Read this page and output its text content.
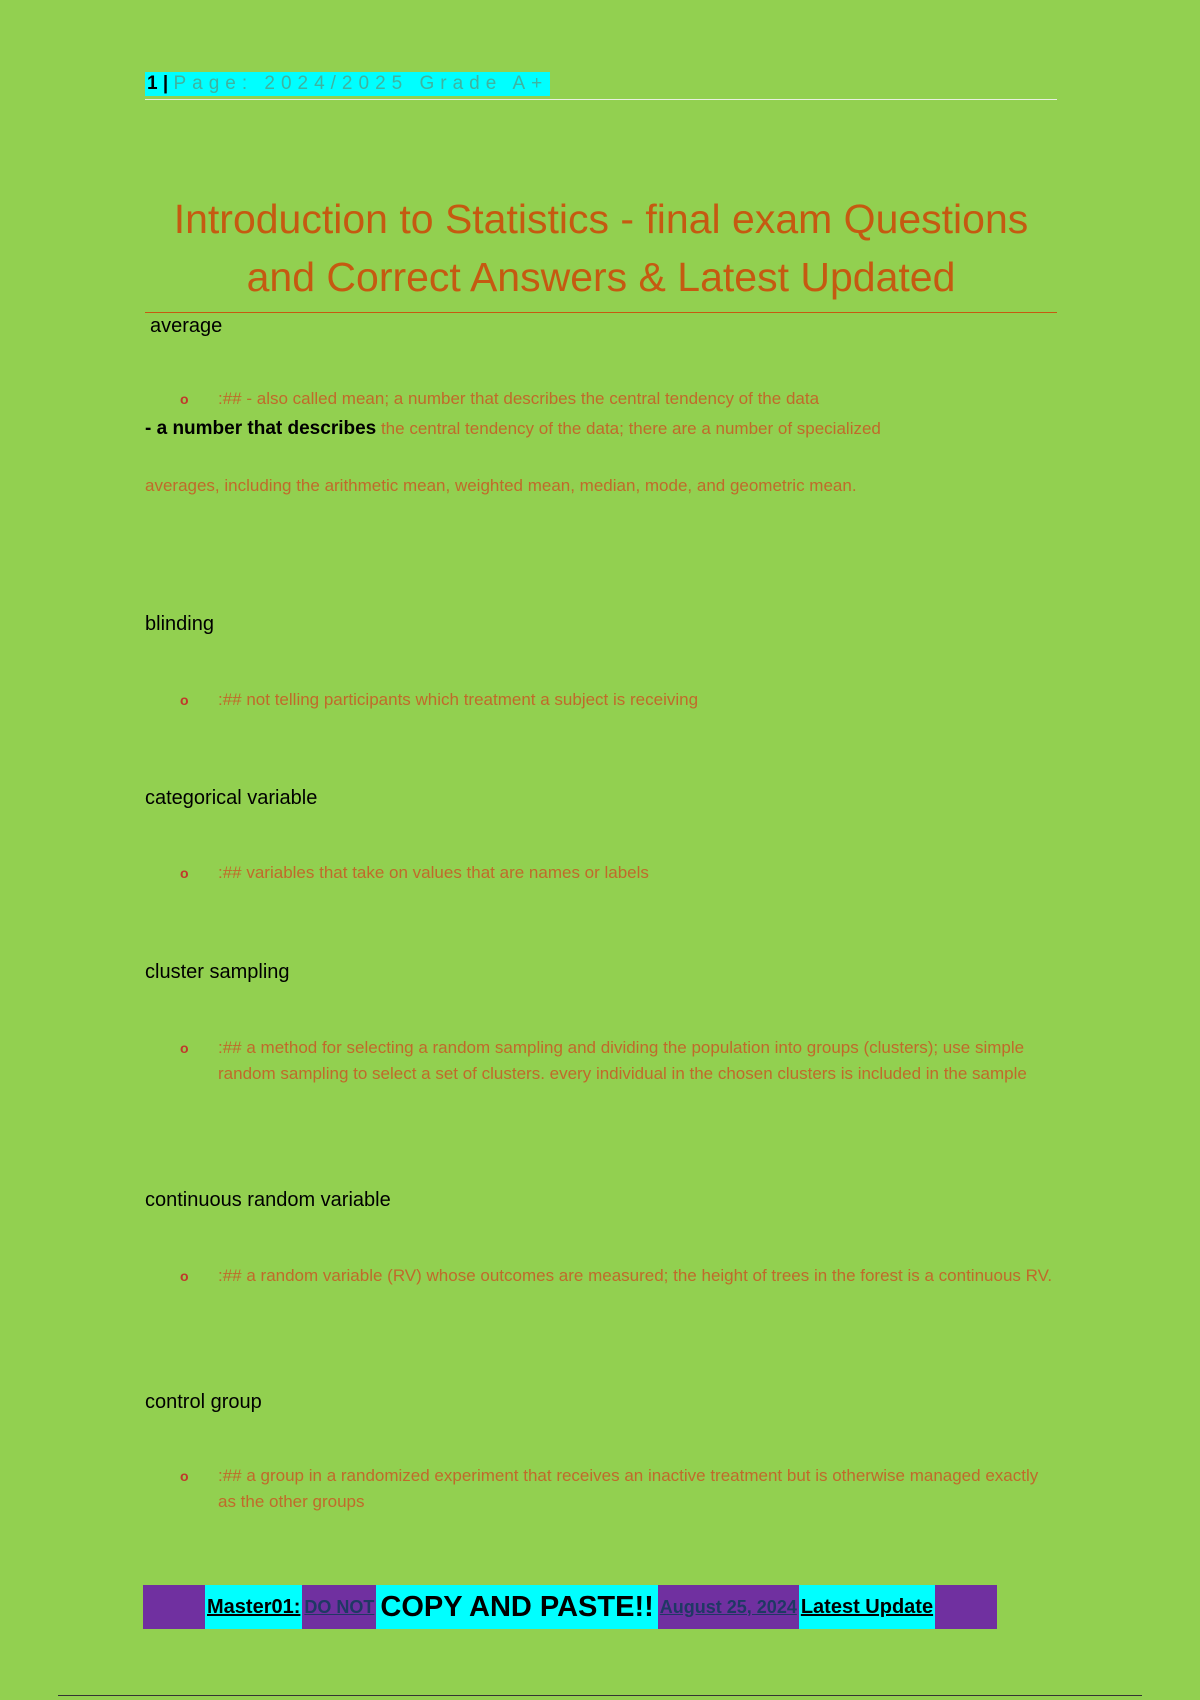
1 | Page: 2024/2025 Grade A+
Introduction to Statistics - final exam Questions
and Correct Answers & Latest Updated
average
o :## - also called mean; a number that describes the central tendency of the data
- a number that describes the central tendency of the data; there are a number of specialized
averages, including the arithmetic mean, weighted mean, median, mode, and geometric mean.
blinding
o :## not telling participants which treatment a subject is receiving
categorical variable
o :## variables that take on values that are names or labels
cluster sampling
o :## a method for selecting a random sampling and dividing the population into groups (clusters); use simple random sampling to select a set of clusters. every individual in the chosen clusters is included in the sample
continuous random variable
o :## a random variable (RV) whose outcomes are measured; the height of trees in the forest is a continuous RV.
control group
o :## a group in a randomized experiment that receives an inactive treatment but is otherwise managed exactly as the other groups
Master01: DO NOT COPY AND PASTE!! August 25, 2024 Latest Update
